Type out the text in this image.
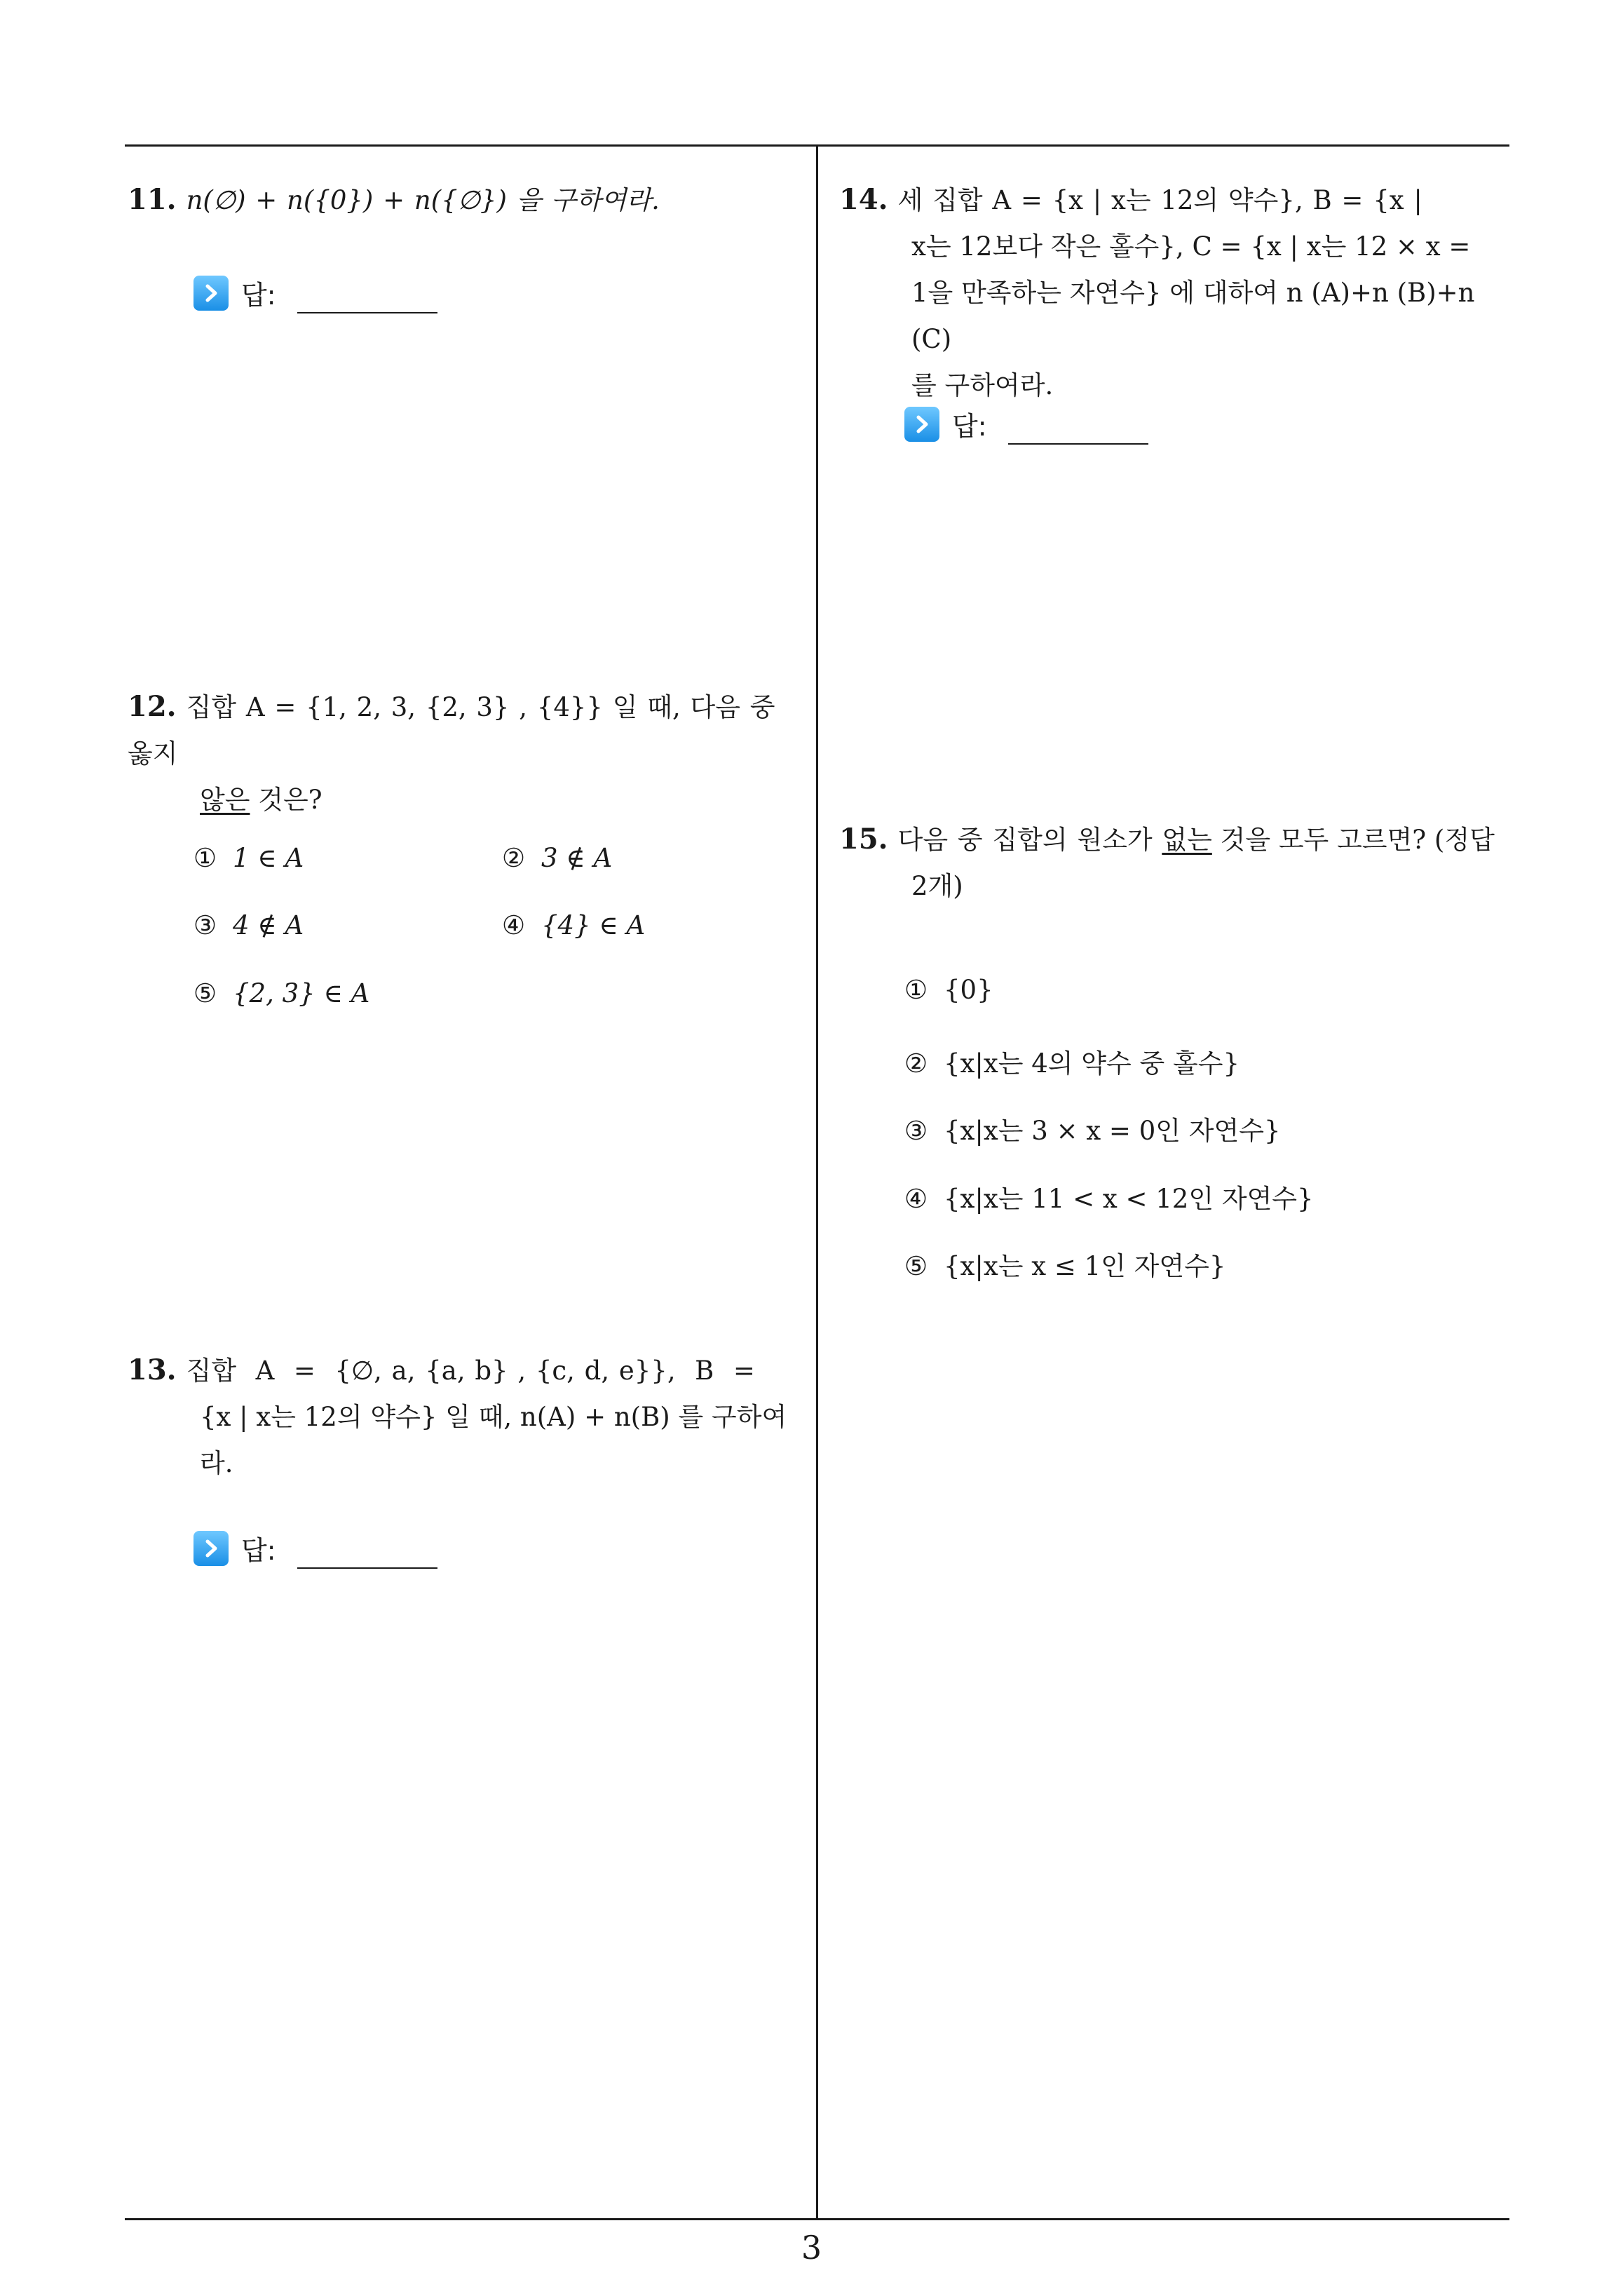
11. n(∅) + n({0}) + n({∅}) 을 구하여라.
답:
12. 집합 A = {1, 2, 3, {2, 3} , {4}} 일 때, 다음 중 옳지
않은 것은?
① 1 ∈ A	② 3 ∉ A
③ 4 ∉ A	④ {4} ∈ A
⑤ {2, 3} ∈ A
13. 집합  A  =  {∅, a, {a, b} , {c, d, e}},  B  =
{x | x는 12의 약수} 일 때, n(A) + n(B) 를 구하여
라.
답:
14. 세 집합 A = {x | x는 12의 약수}, B = {x |
x는 12보다 작은 홀수}, C = {x | x는 12 × x =
1을 만족하는 자연수} 에 대하여 n (A)+n (B)+n (C)
를 구하여라.
답:
15. 다음 중 집합의 원소가 없는 것을 모두 고르면? (정답
2개)
① {0}
② {x|x는 4의 약수 중 홀수}
③ {x|x는 3 × x = 0인 자연수}
④ {x|x는 11 < x < 12인 자연수}
⑤ {x|x는 x ≤ 1인 자연수}
3
